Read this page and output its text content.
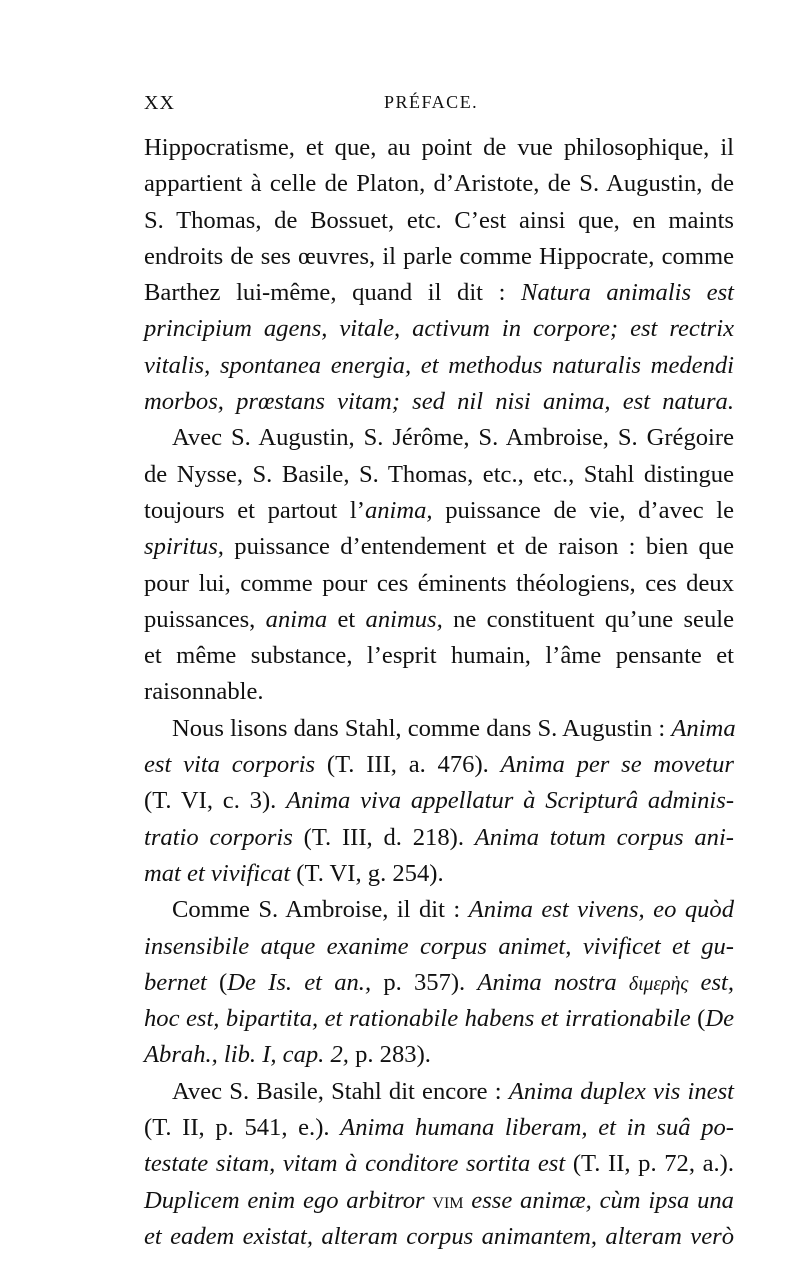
XX	PRÉFACE.
Hippocratisme, et que, au point de vue philosophique, il
appartient à celle de Platon, d’Aristote, de S. Augustin, de
S. Thomas, de Bossuet, etc. C’est ainsi que, en maints
endroits de ses œuvres, il parle comme Hippocrate, comme
Barthez lui-même, quand il dit : Natura animalis est
principium agens, vitale, activum in corpore; est rectrix
vitalis, spontanea energia, et methodus naturalis medendi
morbos, prœstans vitam; sed nil nisi anima, est natura.
Avec S. Augustin, S. Jérôme, S. Ambroise, S. Grégoire
de Nysse, S. Basile, S. Thomas, etc., etc., Stahl distingue
toujours et partout l’anima, puissance de vie, d’avec le
spiritus, puissance d’entendement et de raison : bien que
pour lui, comme pour ces éminents théologiens, ces deux
puissances, anima et animus, ne constituent qu’une seule
et même substance, l’esprit humain, l’âme pensante et
raisonnable.
Nous lisons dans Stahl, comme dans S. Augustin : Anima
est vita corporis (T. III, a. 476). Anima per se movetur
(T. VI, c. 3). Anima viva appellatur à Scripturâ adminis-
tratio corporis (T. III, d. 218). Anima totum corpus ani-
mat et vivificat (T. VI, g. 254).
Comme S. Ambroise, il dit : Anima est vivens, eo quòd
insensibile atque exanime corpus animet, vivificet et gu-
bernet (De Is. et an., p. 357). Anima nostra διμερὴς est,
hoc est, bipartita, et rationabile habens et irrationabile (De
Abrah., lib. I, cap. 2, p. 283).
Avec S. Basile, Stahl dit encore : Anima duplex vis inest
(T. II, p. 541, e.). Anima humana liberam, et in suâ po-
testate sitam, vitam à conditore sortita est (T. II, p. 72, a.).
Duplicem enim ego arbitror vim esse animæ, cùm ipsa una
et eadem existat, alteram corpus animantem, alteram verò
